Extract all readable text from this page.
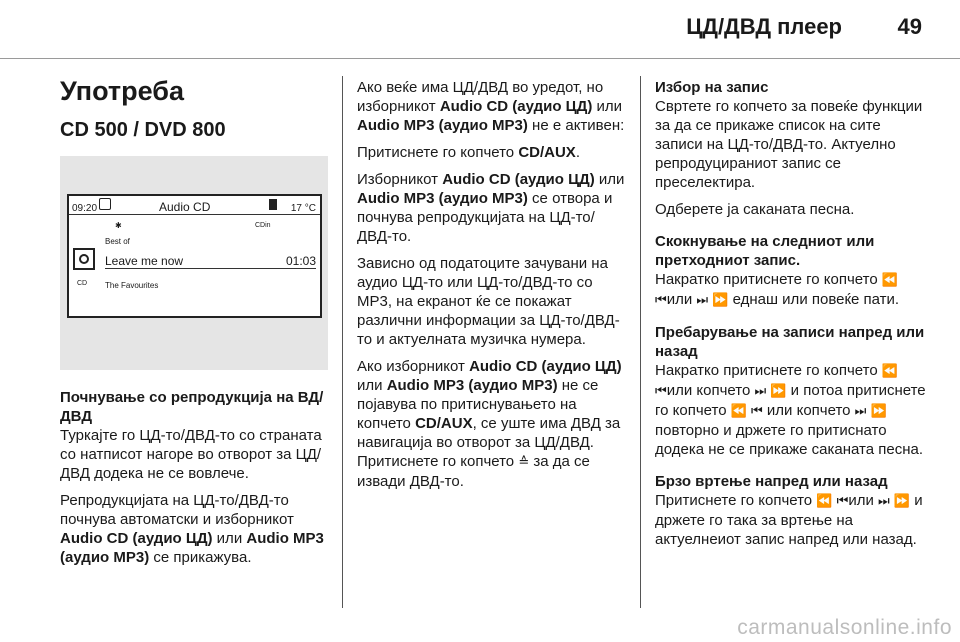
ЦД/ДВД плеер	49
Употреба
CD 500 / DVD 800
09:20	Audio CD	17 °C
✱	CDin
Best of
CD
Leave me now	01:03
The Favourites

Почнување со репродукција на ВД/ДВД

Туркајте го ЦД-то/ДВД-то со страната со натписот нагоре во отворот за ЦД/ДВД додека не се вовлече.

Репродукцијата на ЦД-то/ДВД-то почнува автоматски и изборникот Audio CD (аудио ЦД) или Audio MP3 (аудио MP3) се прикажува.

Ако веќе има ЦД/ДВД во уредот, но изборникот Audio CD (аудио ЦД) или Audio MP3 (аудио MP3) не е активен:

Притиснете го копчето CD/AUX.

Изборникот Audio CD (аудио ЦД) или Audio MP3 (аудио MP3) се отвора и почнува репродукцијата на ЦД-то/ДВД-то.

Зависно од податоците зачувани на аудио ЦД-то или ЦД-то/ДВД-то со MP3, на екранот ќе се покажат различни информации за ЦД-то/ДВД-то и актуелната музичка нумера.

Ако изборникот Audio CD (аудио ЦД) или Audio MP3 (аудио MP3) не се појавува по притиснувањето на копчето CD/AUX, се уште има ДВД за навигација во отворот за ЦД/ДВД. Притиснете го копчето ≙ за да се извади ДВД-то.

Избор на запис

Свртете го копчето за повеќе функции за да се прикаже список на сите записи на ЦД-то/ДВД-то. Актуелно репродуцираниот запис се преселектира.

Одберете ја саканата песна.

Скокнување на следниот или претходниот запис.

Накратко притиснете го копчето ⏪ ⏮или ⏭ ⏩ еднаш или повеќе пати.

Пребарување на записи напред или назад

Накратко притиснете го копчето ⏪ ⏮или копчето ⏭ ⏩ и потоа притиснете го копчето ⏪ ⏮ или копчето ⏭ ⏩ повторно и држете го притиснато додека не се прикаже саканата песна.

Брзо вртење напред или назад

Притиснете го копчето ⏪ ⏮или ⏭ ⏩ и држете го така за вртење на актуелнеиот запис напред или назад.

carmanualsonline.info
